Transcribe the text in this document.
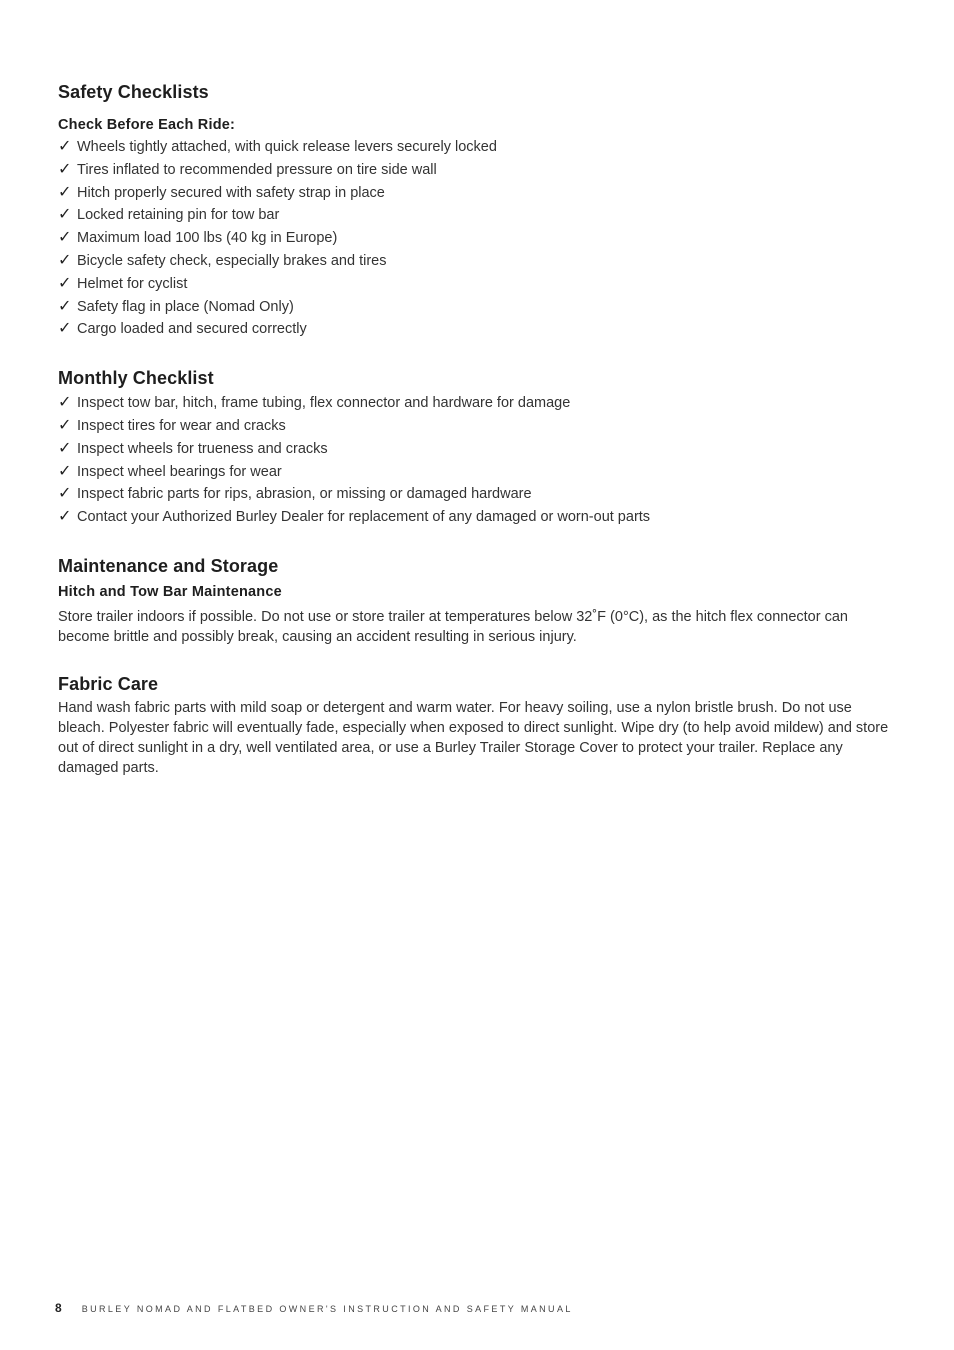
Safety Checklists
Check Before Each Ride:
✓ Wheels tightly attached, with quick release levers securely locked
✓ Tires inflated to recommended pressure on tire side wall
✓ Hitch properly secured with safety strap in place
✓ Locked retaining pin for tow bar
✓ Maximum load 100 lbs (40 kg in Europe)
✓ Bicycle safety check, especially brakes and tires
✓ Helmet for cyclist
✓ Safety flag in place (Nomad Only)
✓ Cargo loaded and secured correctly
Monthly Checklist
✓ Inspect tow bar, hitch, frame tubing, flex connector and hardware for damage
✓ Inspect tires for wear and cracks
✓ Inspect wheels for trueness and cracks
✓ Inspect wheel bearings for wear
✓ Inspect fabric parts for rips, abrasion, or missing or damaged hardware
✓ Contact your Authorized Burley Dealer for replacement of any damaged or worn-out parts
Maintenance and Storage
Hitch and Tow Bar Maintenance

Store trailer indoors if possible. Do not use or store trailer at temperatures below 32˚F (0°C), as the hitch flex connector can become brittle and possibly break, causing an accident resulting in serious injury.

Fabric Care

Hand wash fabric parts with mild soap or detergent and warm water. For heavy soiling, use a nylon bristle brush. Do not use bleach. Polyester fabric will eventually fade, especially when exposed to direct sunlight. Wipe dry (to help avoid mildew) and store out of direct sunlight in a dry, well ventilated area, or use a Burley Trailer Storage Cover to protect your trailer. Replace any damaged parts.

8 BURLEY NOMAD AND FLATBED OWNER'S INSTRUCTION AND SAFETY MANUAL
